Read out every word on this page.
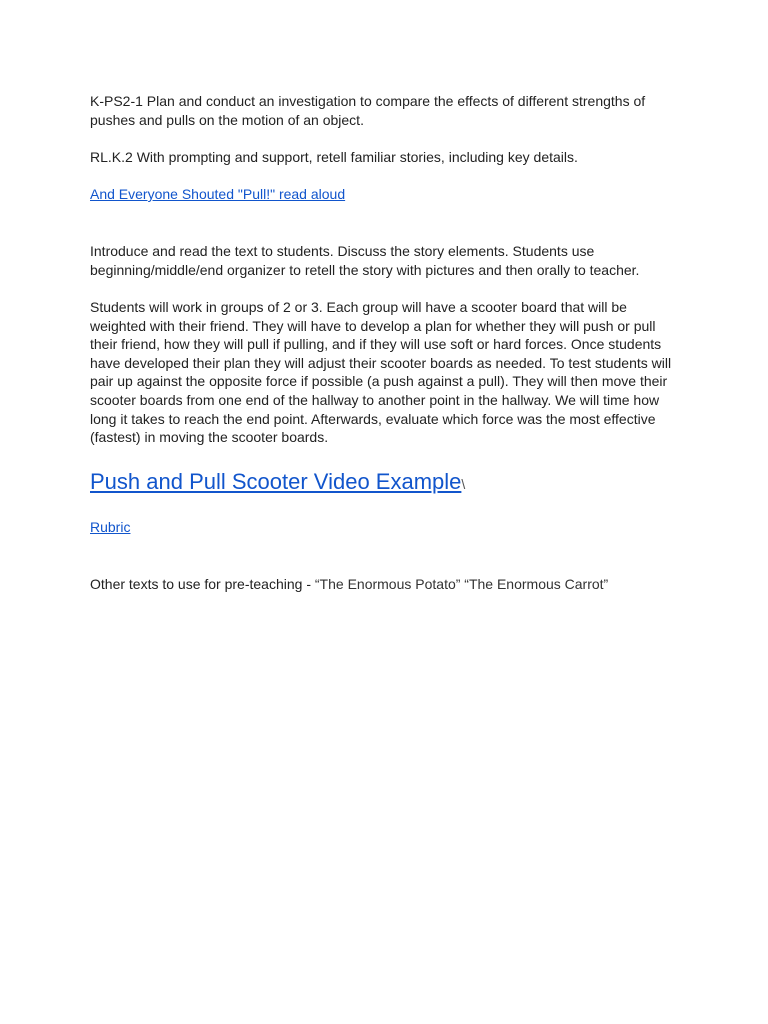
K-PS2-1 Plan and conduct an investigation to compare the effects of different strengths of
pushes and pulls on the motion of an object.

RL.K.2 With prompting and support, retell familiar stories, including key details.

And Everyone Shouted "Pull!" read aloud

Introduce and read the text to students. Discuss the story elements. Students use
beginning/middle/end organizer to retell the story with pictures and then orally to teacher.

Students will work in groups of 2 or 3. Each group will have a scooter board that will be
weighted with their friend. They will have to develop a plan for whether they will push or pull
their friend, how they will pull if pulling, and if they will use soft or hard forces. Once students
have developed their plan they will adjust their scooter boards as needed. To test students will
pair up against the opposite force if possible (a push against a pull). They will then move their
scooter boards from one end of the hallway to another point in the hallway. We will time how
long it takes to reach the end point. Afterwards, evaluate which force was the most effective
(fastest) in moving the scooter boards.

Push and Pull Scooter Video Example\

Rubric

Other texts to use for pre-teaching - “The Enormous Potato” “The Enormous Carrot”
